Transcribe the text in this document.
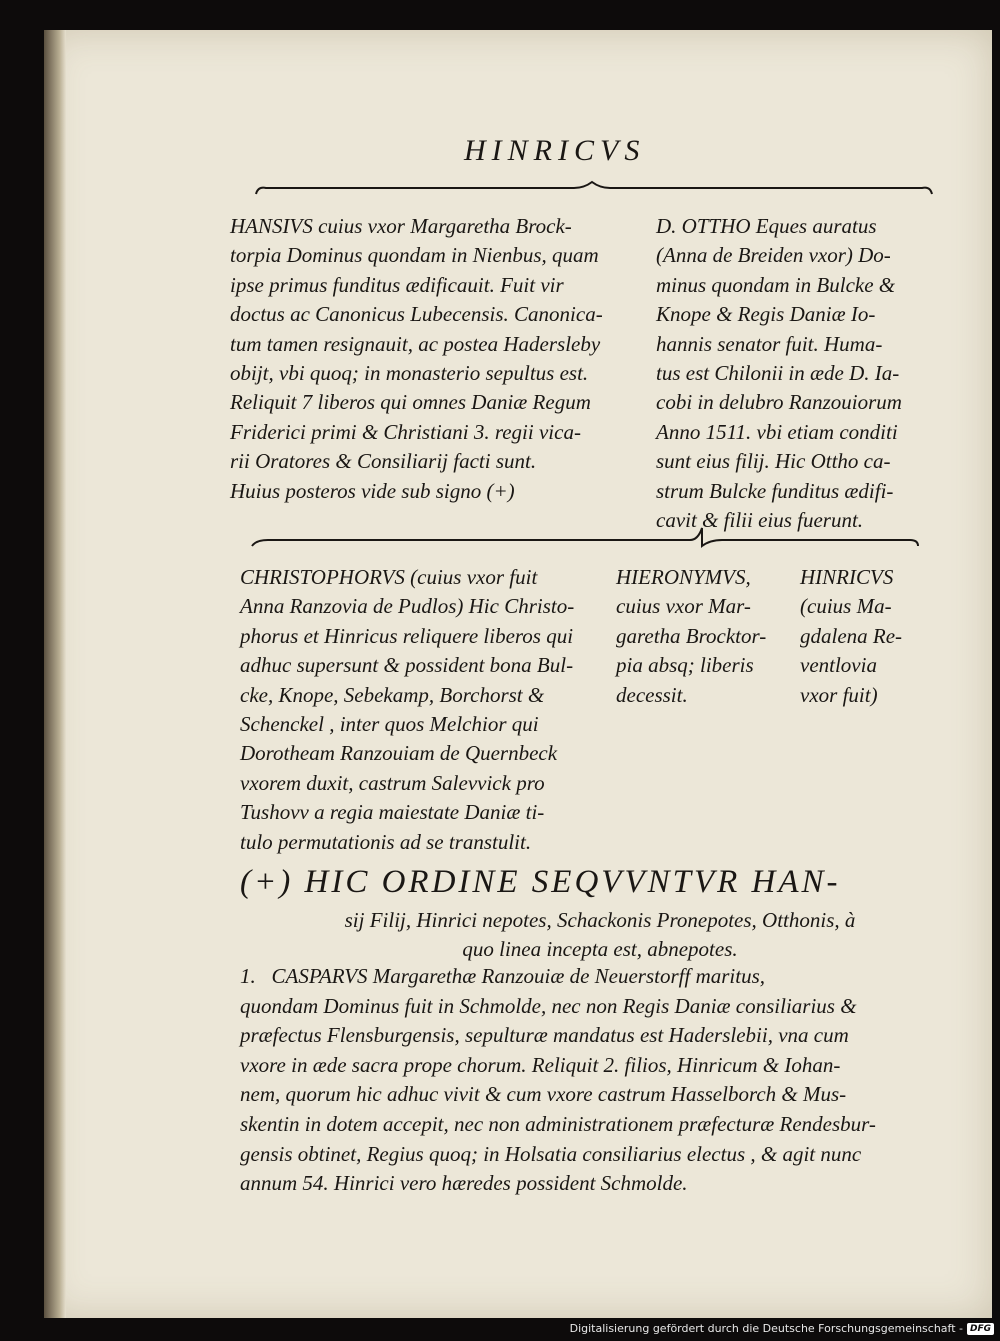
HINRICVS
HANSIVS cuius vxor Margaretha Brock-
torpia Dominus quondam in Nienbus, quam
ipse primus funditus ædificauit. Fuit vir
doctus ac Canonicus Lubecensis. Canonica-
tum tamen resignauit, ac postea Hadersleby
obijt, vbi quoq; in monasterio sepultus est.
Reliquit 7 liberos qui omnes Daniæ Regum
Friderici primi & Christiani 3. regii vica-
rii Oratores & Consiliarij facti sunt.
Huius posteros vide sub signo (+)
D. OTTHO Eques auratus
(Anna de Breiden vxor) Do-
minus quondam in Bulcke &
Knope & Regis Daniæ Io-
hannis senator fuit. Huma-
tus est Chilonii in æde D. Ia-
cobi in delubro Ranzouiorum
Anno 1511. vbi etiam conditi
sunt eius filij. Hic Ottho ca-
strum Bulcke funditus ædifi-
cavit & filii eius fuerunt.
CHRISTOPHORVS (cuius vxor fuit
Anna Ranzovia de Pudlos) Hic Christo-
phorus et Hinricus reliquere liberos qui
adhuc supersunt & possident bona Bul-
cke, Knope, Sebekamp, Borchorst &
Schenckel , inter quos Melchior qui
Dorotheam Ranzouiam de Quernbeck
vxorem duxit, castrum Salevvick pro
Tushovv a regia maiestate Daniæ ti-
tulo permutationis ad se transtulit.
HIERONYMVS,
cuius vxor Mar-
garetha Brocktor-
pia absq; liberis
decessit.
HINRICVS
(cuius Ma-
gdalena Re-
ventlovia
vxor fuit)
(+) HIC ORDINE SEQVVNTVR HAN-
sij Filij, Hinrici nepotes, Schackonis Pronepotes, Otthonis, à
quo linea incepta est, abnepotes.
1.   CASPARVS Margarethæ Ranzouiæ de Neuerstorff maritus,
quondam Dominus fuit in Schmolde, nec non Regis Daniæ consiliarius &
præfectus Flensburgensis, sepulturæ mandatus est Haderslebii, vna cum
vxore in æde sacra prope chorum. Reliquit 2. filios, Hinricum & Iohan-
nem, quorum hic adhuc vivit & cum vxore castrum Hasselborch & Mus-
skentin in dotem accepit, nec non administrationem præfecturæ Rendesbur-
gensis obtinet, Regius quoq; in Holsatia consiliarius electus , & agit nunc
annum 54. Hinrici vero hæredes possident Schmolde.
Digitalisierung gefördert durch die Deutsche Forschungsgemeinschaft - DFG
